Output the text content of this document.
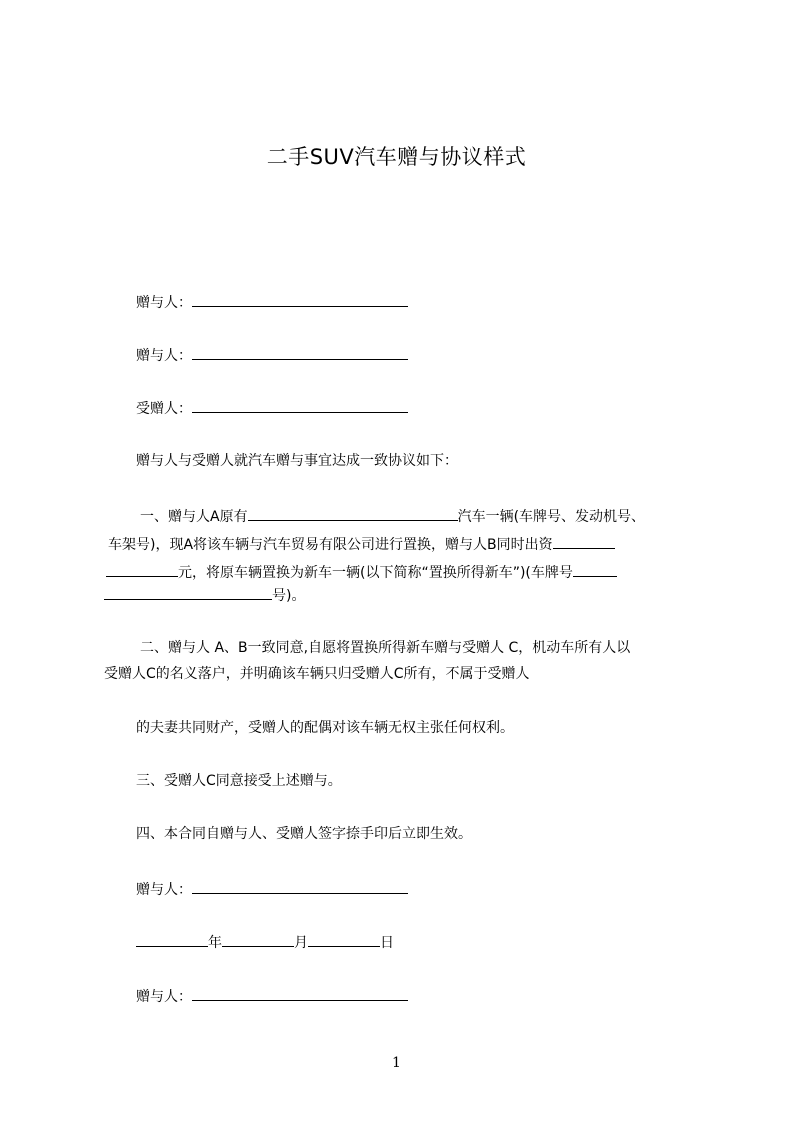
二手SUV汽车赠与协议样式
赠与人：
赠与人：
受赠人：
赠与人与受赠人就汽车赠与事宜达成一致协议如下：
一、赠与人A原有	汽车一辆(车牌号、发动机号、
车架号)，现A将该车辆与汽车贸易有限公司进行置换，赠与人B同时出资
元，将原车辆置换为新车一辆(以下简称“置换所得新车”)(车牌号
号)。
二、赠与人 A、B一致同意,自愿将置换所得新车赠与受赠人 C，机动车所有人以
受赠人C的名义落户，并明确该车辆只归受赠人C所有，不属于受赠人
的夫妻共同财产，受赠人的配偶对该车辆无权主张任何权利。
三、受赠人C同意接受上述赠与。
四、本合同自赠与人、受赠人签字捺手印后立即生效。
赠与人：
年	月	日
赠与人：
1
